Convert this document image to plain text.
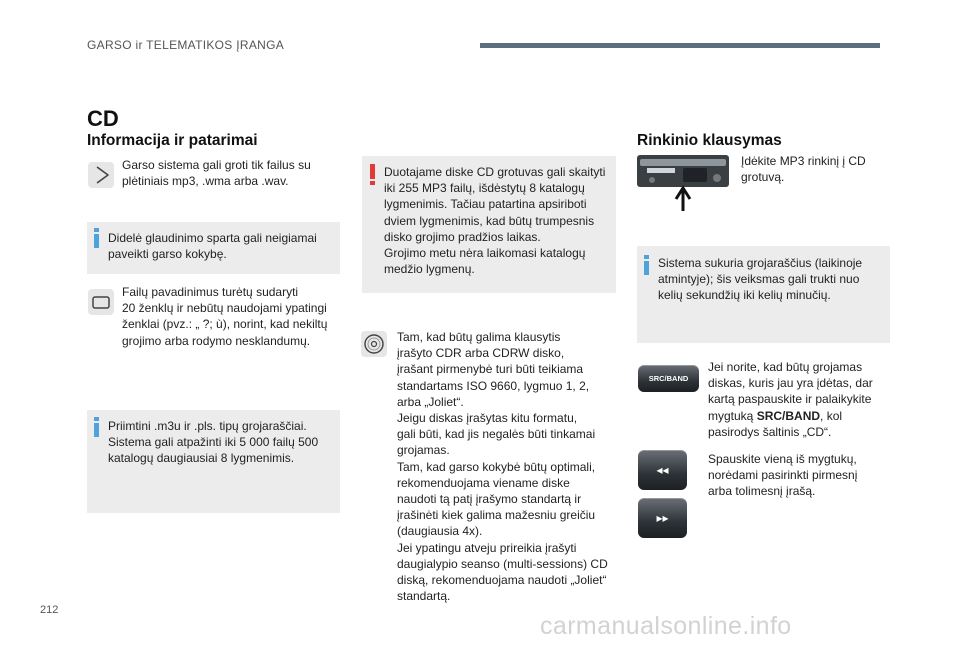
GARSO ir TELEMATIKOS ĮRANGA
CD
Informacija ir patarimai
Garso sistema gali groti tik failus su
plėtiniais mp3, .wma arba .wav.
Didelė glaudinimo sparta gali neigiamai
paveikti garso kokybę.
Failų pavadinimus turėtų sudaryti
20 ženklų ir nebūtų naudojami ypatingi
ženklai (pvz.: „ ?; ù), norint, kad nekiltų
grojimo arba rodymo nesklandumų.
Priimtini .m3u ir .pls. tipų grojaraščiai.
Sistema gali atpažinti iki 5 000 failų 500
katalogų daugiausiai 8 lygmenimis.
Duotajame diske CD grotuvas gali skaityti
iki 255 MP3 failų, išdėstytų 8 katalogų
lygmenimis. Tačiau patartina apsiriboti
dviem lygmenimis, kad būtų trumpesnis
disko grojimo pradžios laikas.
Grojimo metu nėra laikomasi katalogų
medžio lygmenų.
Tam, kad būtų galima klausytis
įrašyto CDR arba CDRW disko,
įrašant pirmenybė turi būti teikiama
standartams ISO 9660, lygmuo 1, 2,
arba „Joliet“.
Jeigu diskas įrašytas kitu formatu,
gali būti, kad jis negalės būti tinkamai
grojamas.
Tam, kad garso kokybė būtų optimali,
rekomenduojama viename diske
naudoti tą patį įrašymo standartą ir
įrašinėti kiek galima mažesniu greičiu
(daugiausia 4x).
Jei ypatingu atveju prireikia įrašyti
daugialypio seanso (multi-sessions) CD
diską, rekomenduojama naudoti „Joliet“
standartą.
Rinkinio klausymas
Įdėkite MP3 rinkinį į CD
grotuvą.
Sistema sukuria grojaraščius (laikinoje
atmintyje); šis veiksmas gali trukti nuo
kelių sekundžių iki kelių minučių.
SRC/BAND
Jei norite, kad būtų grojamas
diskas, kuris jau yra įdėtas, dar
kartą paspauskite ir palaikykite
mygtuką SRC/BAND, kol
pasirodys šaltinis „CD“.
◂◂
▸▸
Spauskite vieną iš mygtukų,
norėdami pasirinkti pirmesnį
arba tolimesnį įrašą.
212
carmanualsonline.info
